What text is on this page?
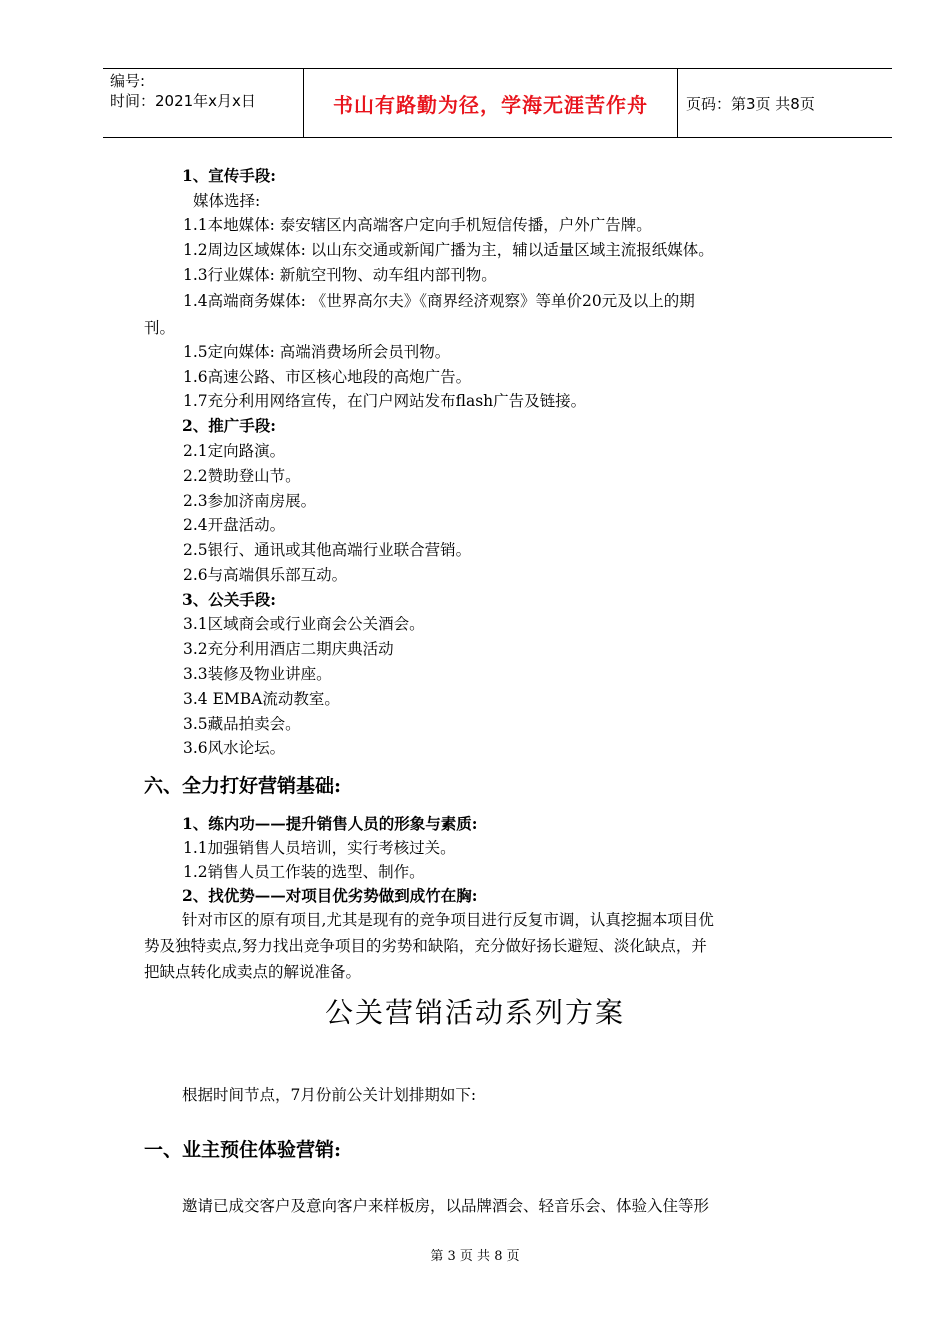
编号:
时间：2021年x月x日	书山有路勤为径，学海无涯苦作舟	页码：第3页 共8页
1、宣传手段:
媒体选择:
1.1本地媒体: 泰安辖区内高端客户定向手机短信传播，户外广告牌。
1.2周边区域媒体: 以山东交通或新闻广播为主，辅以适量区域主流报纸媒体。
1.3行业媒体: 新航空刊物、动车组内部刊物。
1.4高端商务媒体: 《世界高尔夫》《商界经济观察》等单价20元及以上的期
刊。
1.5定向媒体: 高端消费场所会员刊物。
1.6高速公路、市区核心地段的高炮广告。
1.7充分利用网络宣传，在门户网站发布flash广告及链接。
2、推广手段:
2.1定向路演。
2.2赞助登山节。
2.3参加济南房展。
2.4开盘活动。
2.5银行、通讯或其他高端行业联合营销。
2.6与高端俱乐部互动。
3、公关手段:
3.1区域商会或行业商会公关酒会。
3.2充分利用酒店二期庆典活动
3.3装修及物业讲座。
3.4 EMBA流动教室。
3.5藏品拍卖会。
3.6风水论坛。
六、全力打好营销基础:
1、练内功——提升销售人员的形象与素质:
1.1加强销售人员培训，实行考核过关。
1.2销售人员工作装的选型、制作。
2、找优势——对项目优劣势做到成竹在胸:
针对市区的原有项目,尤其是现有的竞争项目进行反复市调，认真挖掘本项目优
势及独特卖点,努力找出竞争项目的劣势和缺陷，充分做好扬长避短、淡化缺点，并
把缺点转化成卖点的解说准备。
公关营销活动系列方案
根据时间节点，7月份前公关计划排期如下:
一、业主预住体验营销:
邀请已成交客户及意向客户来样板房，以品牌酒会、轻音乐会、体验入住等形
第 3 页 共 8 页
